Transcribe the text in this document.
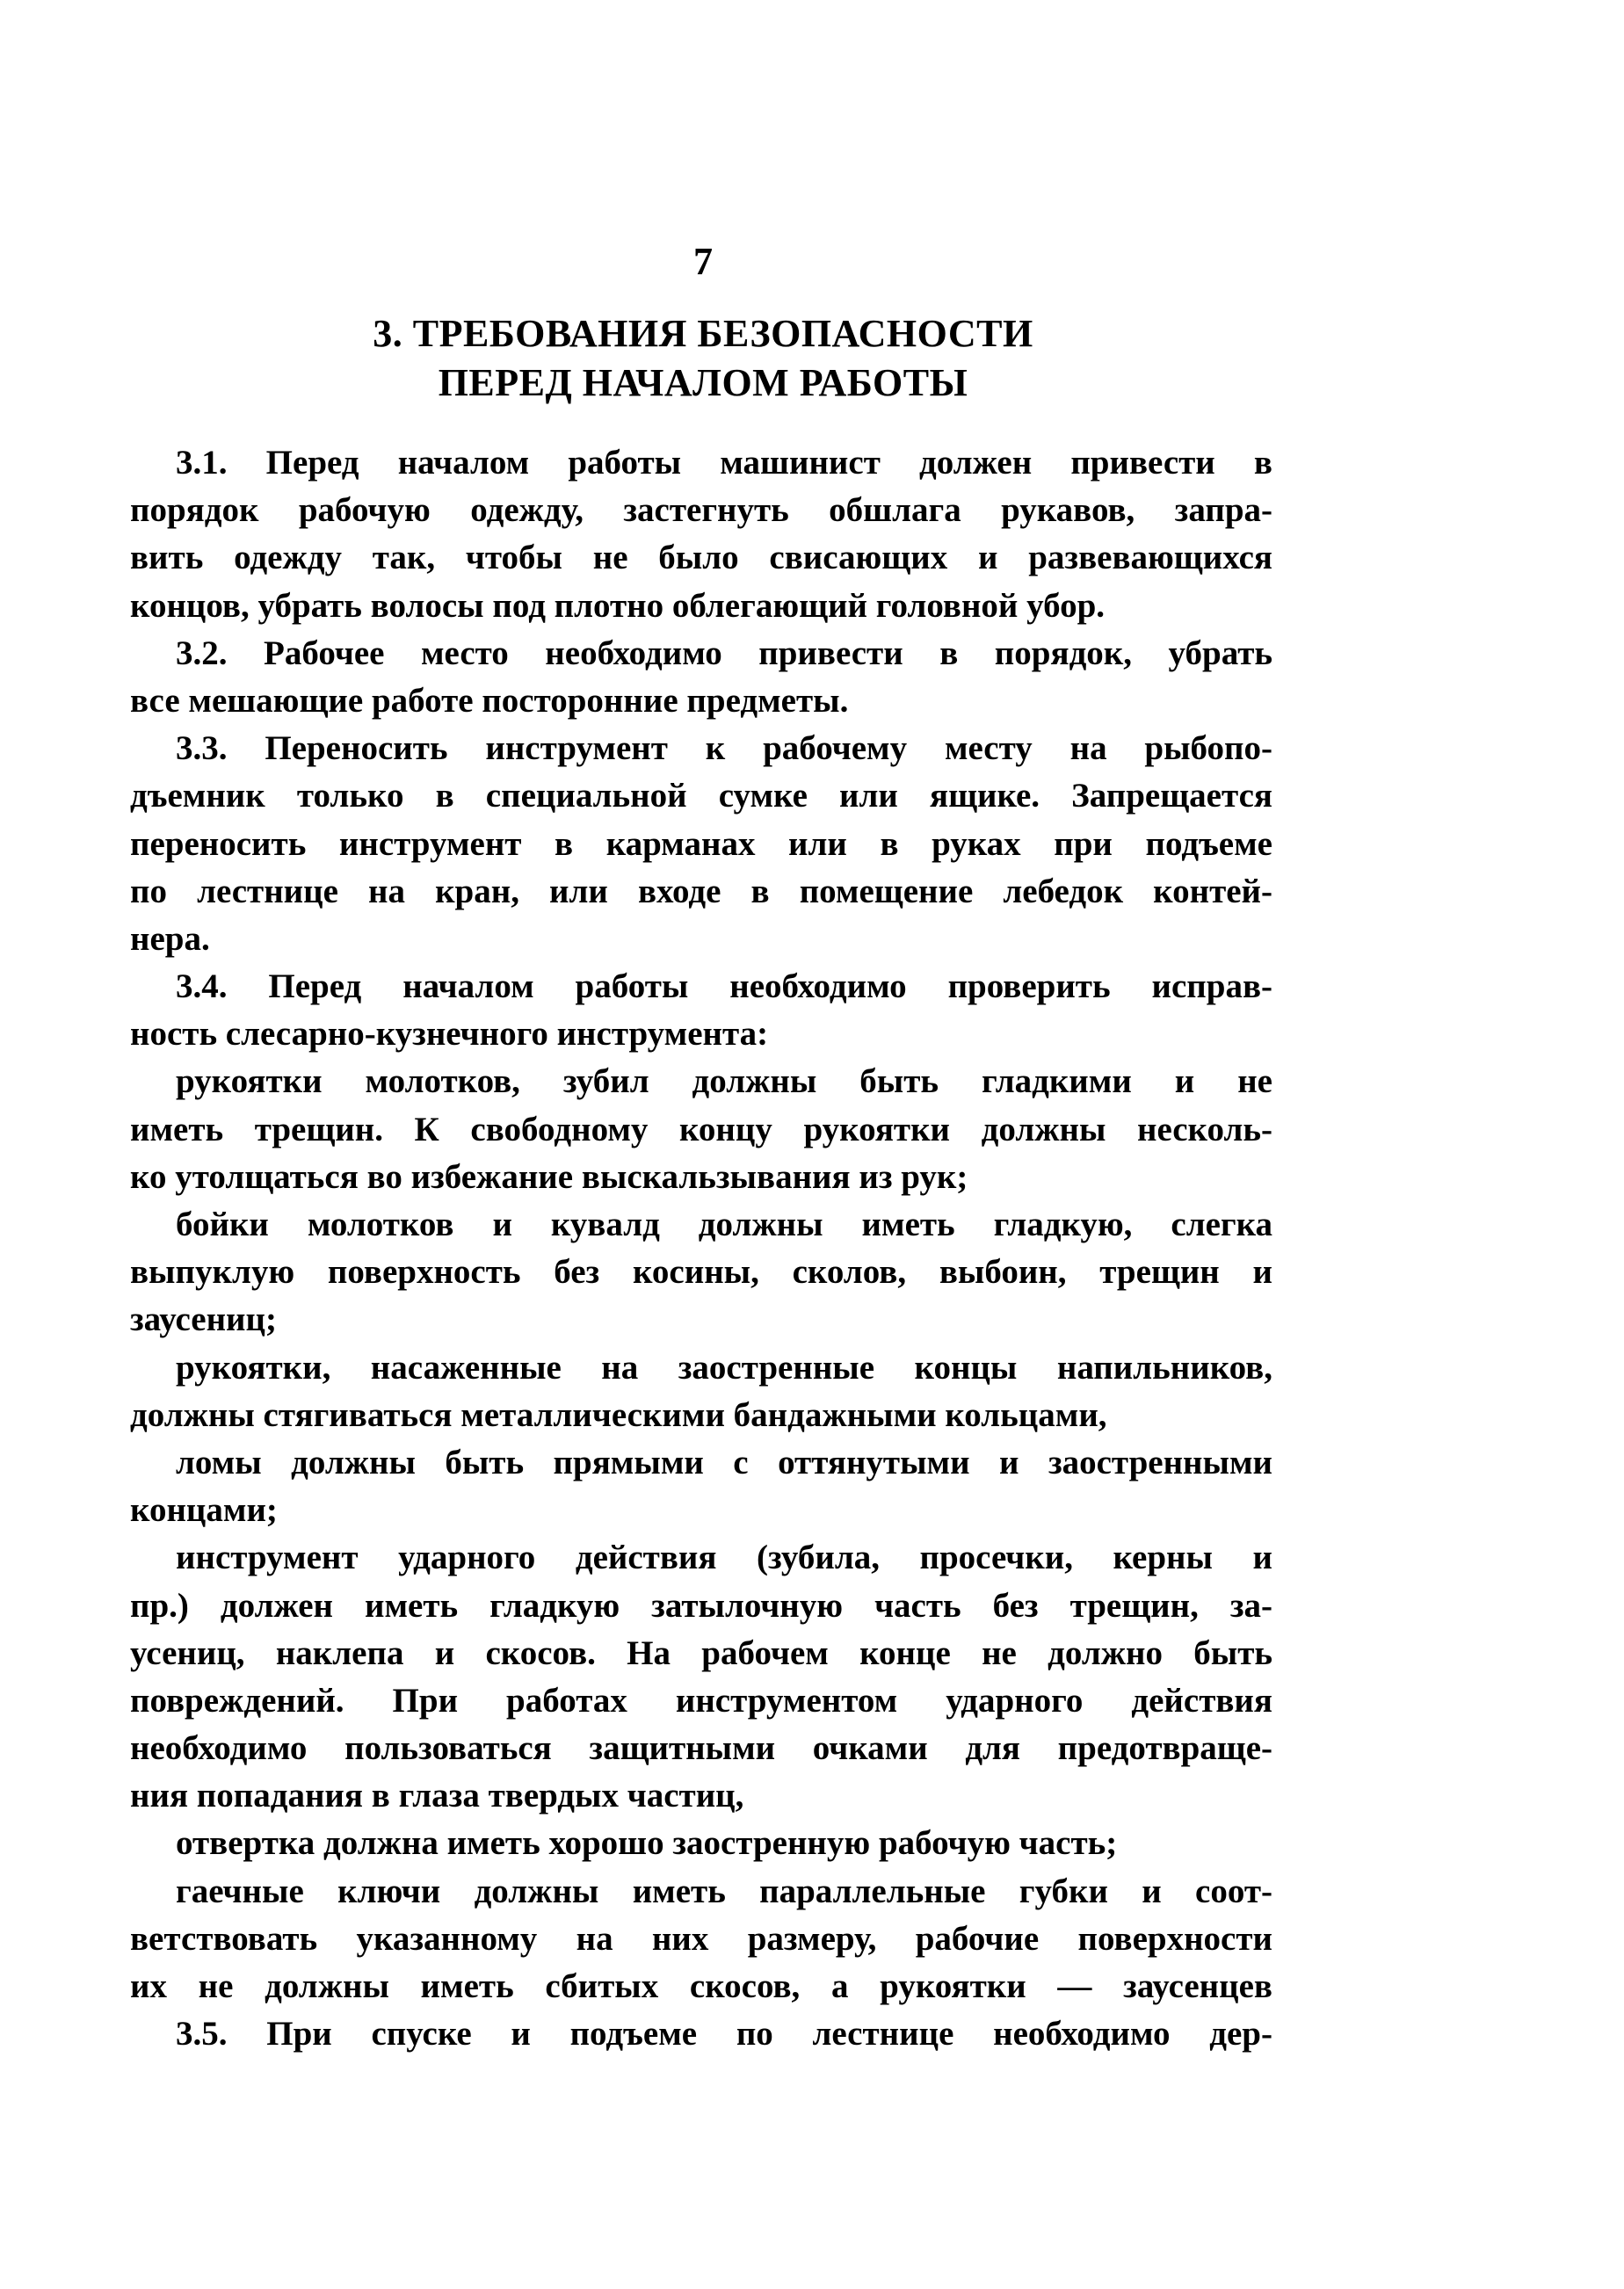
7
3. ТРЕБОВАНИЯ БЕЗОПАСНОСТИ
ПЕРЕД НАЧАЛОМ РАБОТЫ
3.1. Перед началом работы машинист должен привести в
порядок рабочую одежду, застегнуть обшлага рукавов, запра-
вить одежду так, чтобы не было свисающих и развевающихся
концов, убрать волосы под плотно облегающий головной убор.
3.2. Рабочее место необходимо привести в порядок, убрать
все мешающие работе посторонние предметы.
3.3. Переносить инструмент к рабочему месту на рыбопо-
дъемник только в специальной сумке или ящике. Запрещается
переносить инструмент в карманах или в руках при подъеме
по лестнице на кран, или входе в помещение лебедок контей-
нера.
3.4. Перед началом работы необходимо проверить исправ-
ность слесарно-кузнечного инструмента:
рукоятки молотков, зубил должны быть гладкими и не
иметь трещин. К свободному концу рукоятки должны несколь-
ко утолщаться во избежание выскальзывания из рук;
бойки молотков и кувалд должны иметь гладкую, слегка
выпуклую поверхность без косины, сколов, выбоин, трещин и
заусениц;
рукоятки, насаженные на заостренные концы напильников,
должны стягиваться металлическими бандажными кольцами,
ломы должны быть прямыми с оттянутыми и заостренными
концами;
инструмент ударного действия (зубила, просечки, керны и
пр.) должен иметь гладкую затылочную часть без трещин, за-
усениц, наклепа и скосов. На рабочем конце не должно быть
повреждений. При работах инструментом ударного действия
необходимо пользоваться защитными очками для предотвраще-
ния попадания в глаза твердых частиц,
отвертка должна иметь хорошо заостренную рабочую часть;
гаечные ключи должны иметь параллельные губки и соот-
ветствовать указанному на них размеру, рабочие поверхности
их не должны иметь сбитых скосов, а рукоятки — заусенцев
3.5. При спуске и подъеме по лестнице необходимо дер-
